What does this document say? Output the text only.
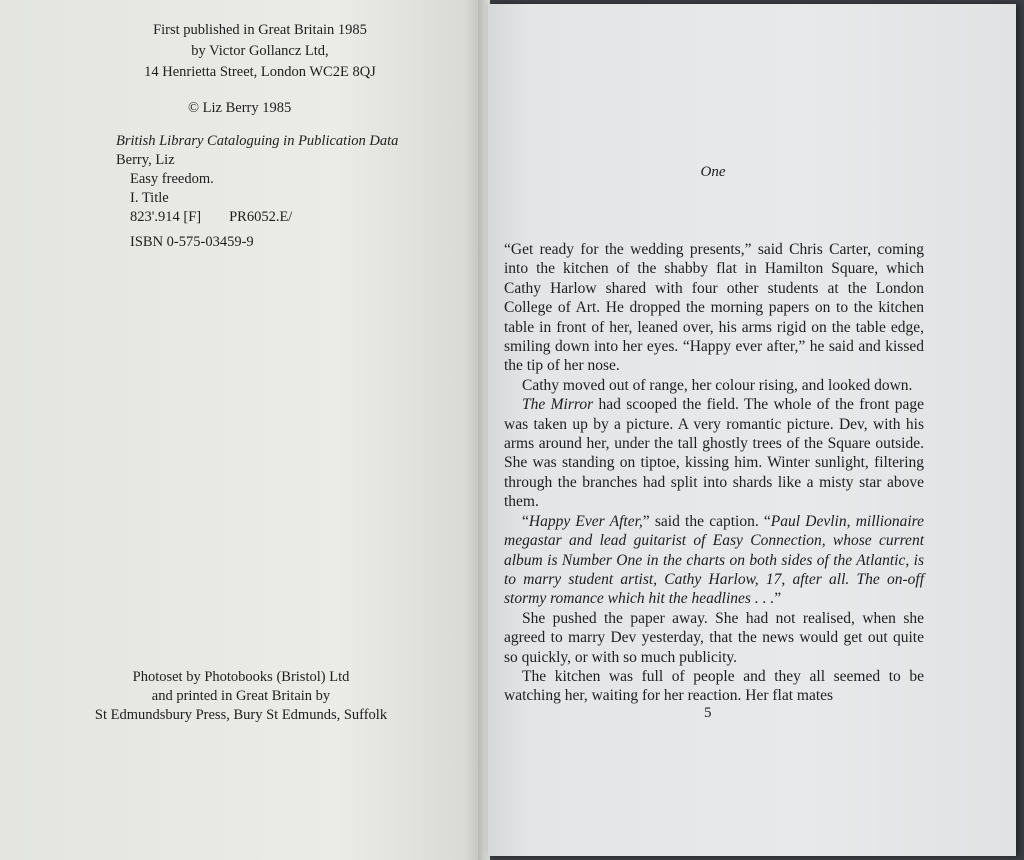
First published in Great Britain 1985
by Victor Gollancz Ltd,
14 Henrietta Street, London WC2E 8QJ
© Liz Berry 1985
British Library Cataloguing in Publication Data
Berry, Liz
Easy freedom.
I. Title
823'.914 [F] PR6052.E/
ISBN 0-575-03459-9
Photoset by Photobooks (Bristol) Ltd
and printed in Great Britain by
St Edmundsbury Press, Bury St Edmunds, Suffolk
One

“Get ready for the wedding presents,” said Chris Carter, coming into the kitchen of the shabby flat in Hamilton Square, which Cathy Harlow shared with four other students at the London College of Art. He dropped the morning papers on to the kitchen table in front of her, leaned over, his arms rigid on the table edge, smiling down into her eyes. “Happy ever after,” he said and kissed the tip of her nose.

Cathy moved out of range, her colour rising, and looked down.

The Mirror had scooped the field. The whole of the front page was taken up by a picture. A very romantic picture. Dev, with his arms around her, under the tall ghostly trees of the Square outside. She was standing on tiptoe, kissing him. Winter sunlight, filtering through the branches had split into shards like a misty star above them.

“Happy Ever After,” said the caption. “Paul Devlin, millionaire megastar and lead guitarist of Easy Connection, whose current album is Number One in the charts on both sides of the Atlantic, is to marry student artist, Cathy Harlow, 17, after all. The on-off stormy romance which hit the headlines . . .”

She pushed the paper away. She had not realised, when she agreed to marry Dev yesterday, that the news would get out quite so quickly, or with so much publicity.

The kitchen was full of people and they all seemed to be watching her, waiting for her reaction. Her flat mates

5
